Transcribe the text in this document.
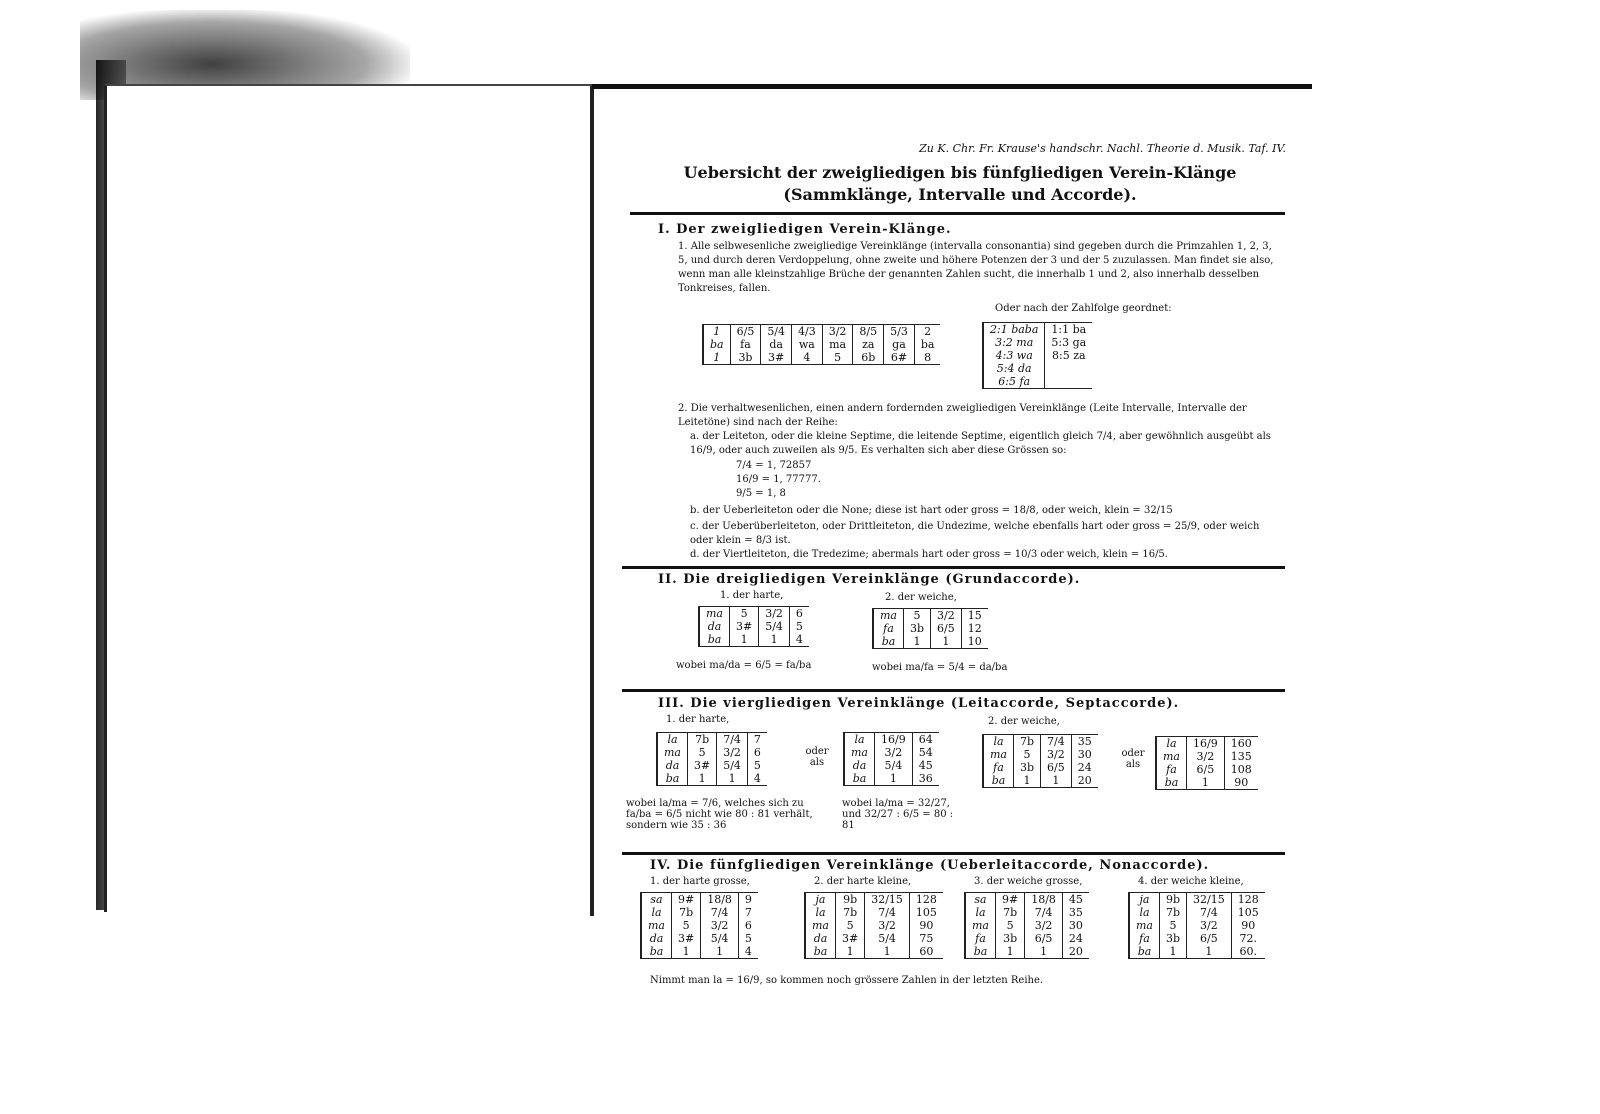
Zu K. Chr. Fr. Krause's handschr. Nachl. Theorie d. Musik. Taf. IV.
Uebersicht der zweigliedigen bis fünfgliedigen Verein-Klänge (Sammklänge, Intervalle und Accorde).
I. Der zweigliedigen Verein-Klänge.
1. Alle selbwesenliche zweigliedige Vereinklänge (intervalla consonantia) sind gegeben durch die Primzahlen 1, 2, 3, 5, und durch deren Verdoppelung, ohne zweite und höhere Potenzen der 3 und der 5 zuzulassen. Man findet sie also, wenn man alle kleinstzahlige Brüche der genannten Zahlen sucht, die innerhalb 1 und 2, also innerhalb desselben Tonkreises, fallen.
Oder nach der Zahlfolge geordnet:
1	6/5	5/4	4/3	3/2	8/5	5/3	2
ba	fa	da	wa	ma	za	ga	ba
1	3b	3#	4	5	6b	6#	8
2:1 baba	1:1 ba
3:2 ma	5:3 ga
4:3 wa	8:5 za
5:4 da	
6:5 fa	
2. Die verhaltwesenlichen, einen andern fordernden zweigliedigen Vereinklänge (Leite Intervalle, Intervalle der Leitetöne) sind nach der Reihe:
a. der Leiteton, oder die kleine Septime, die leitende Septime, eigentlich gleich 7/4, aber gewöhnlich ausgeübt als 16/9, oder auch zuweilen als 9/5. Es verhalten sich aber diese Grössen so:
7/4 = 1, 72857
16/9 = 1, 77777.
9/5 = 1, 8
b. der Ueberleiteton oder die None; diese ist hart oder gross = 18/8, oder weich, klein = 32/15
c. der Ueberüberleiteton, oder Drittleiteton, die Undezime, welche ebenfalls hart oder gross = 25/9, oder weich oder klein = 8/3 ist.
d. der Viertleiteton, die Tredezime; abermals hart oder gross = 10/3 oder weich, klein = 16/5.
II. Die dreigliedigen Vereinklänge (Grundaccorde).
1. der harte,	2. der weiche,
ma	5	3/2	6
da	3#	5/4	5
ba	1	1	4
ma	5	3/2	15
fa	3b	6/5	12
ba	1	1	10
wobei ma/da = 6/5 = fa/ba	wobei ma/fa = 5/4 = da/ba
III. Die viergliedigen Vereinklänge (Leitaccorde, Septaccorde).
1. der harte,	2. der weiche,
la	7b	7/4	7
ma	5	3/2	6
da	3#	5/4	5
ba	1	1	4
oder als
la	16/9	64
ma	3/2	54
da	5/4	45
ba	1	36
la	7b	7/4	35
ma	5	3/2	30
fa	3b	6/5	24
ba	1	1	20
oder als
la	16/9	160
ma	3/2	135
fa	6/5	108
ba	1	90
wobei la/ma = 7/6, welches sich zu fa/ba = 6/5 nicht wie 80 : 81 verhält, sondern wie 35 : 36
wobei la/ma = 32/27, und 32/27 : 6/5 = 80 : 81
IV. Die fünfgliedigen Vereinklänge (Ueberleitaccorde, Nonaccorde).
1. der harte grosse,	2. der harte kleine,	3. der weiche grosse,	4. der weiche kleine,
sa	9#	18/8	9
la	7b	7/4	7
ma	5	3/2	6
da	3#	5/4	5
ba	1	1	4
ja	9b	32/15	128
la	7b	7/4	105
ma	5	3/2	90
da	3#	5/4	75
ba	1	1	60
sa	9#	18/8	45
la	7b	7/4	35
ma	5	3/2	30
fa	3b	6/5	24
ba	1	1	20
ja	9b	32/15	128
la	7b	7/4	105
ma	5	3/2	90
fa	3b	6/5	72.
ba	1	1	60.
Nimmt man la = 16/9, so kommen noch grössere Zahlen in der letzten Reihe.
